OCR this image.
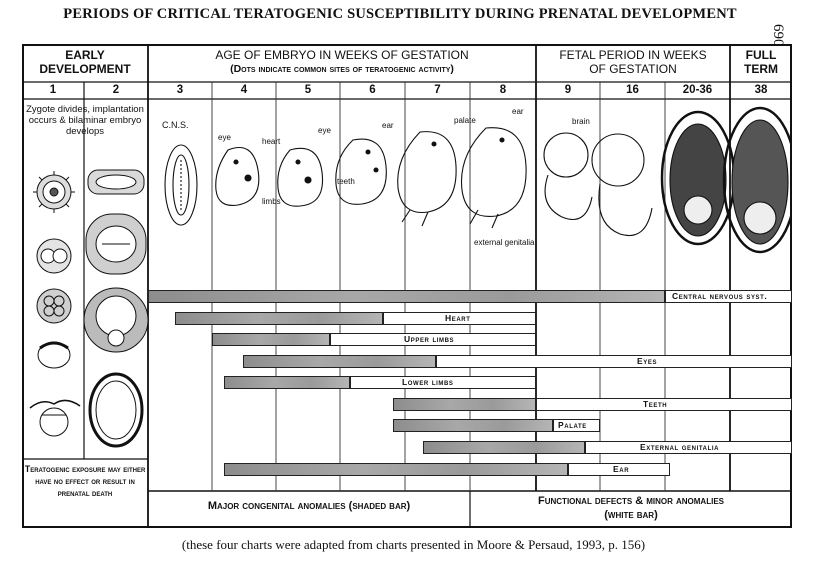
PERIODS OF CRITICAL TERATOGENIC SUSCEPTIBILITY DURING PRENATAL DEVELOPMENT
690
EARLY
DEVELOPMENT
AGE OF EMBRYO IN WEEKS OF GESTATION
(Dots indicate common sites of teratogenic activity)
FETAL PERIOD IN WEEKS
OF GESTATION
FULL
TERM
1	2	3	4	5	6	7	8	9	16	20-36	38
Zygote divides, implantation occurs & bilaminar embryo develops
Teratogenic exposure may either have no effect or result in prenatal death
C.N.S.
eye	heart
eye
limbs
ear
teeth
palate
ear
brain
external genitalia
Central nervous syst.
Heart
Upper limbs
Eyes
Lower limbs
Teeth
Palate
External genitalia
Ear
Major congenital anomalies (shaded bar)	Functional defects & minor anomalies
(white bar)
(these four charts were adapted from charts presented in Moore & Persaud, 1993, p. 156)
